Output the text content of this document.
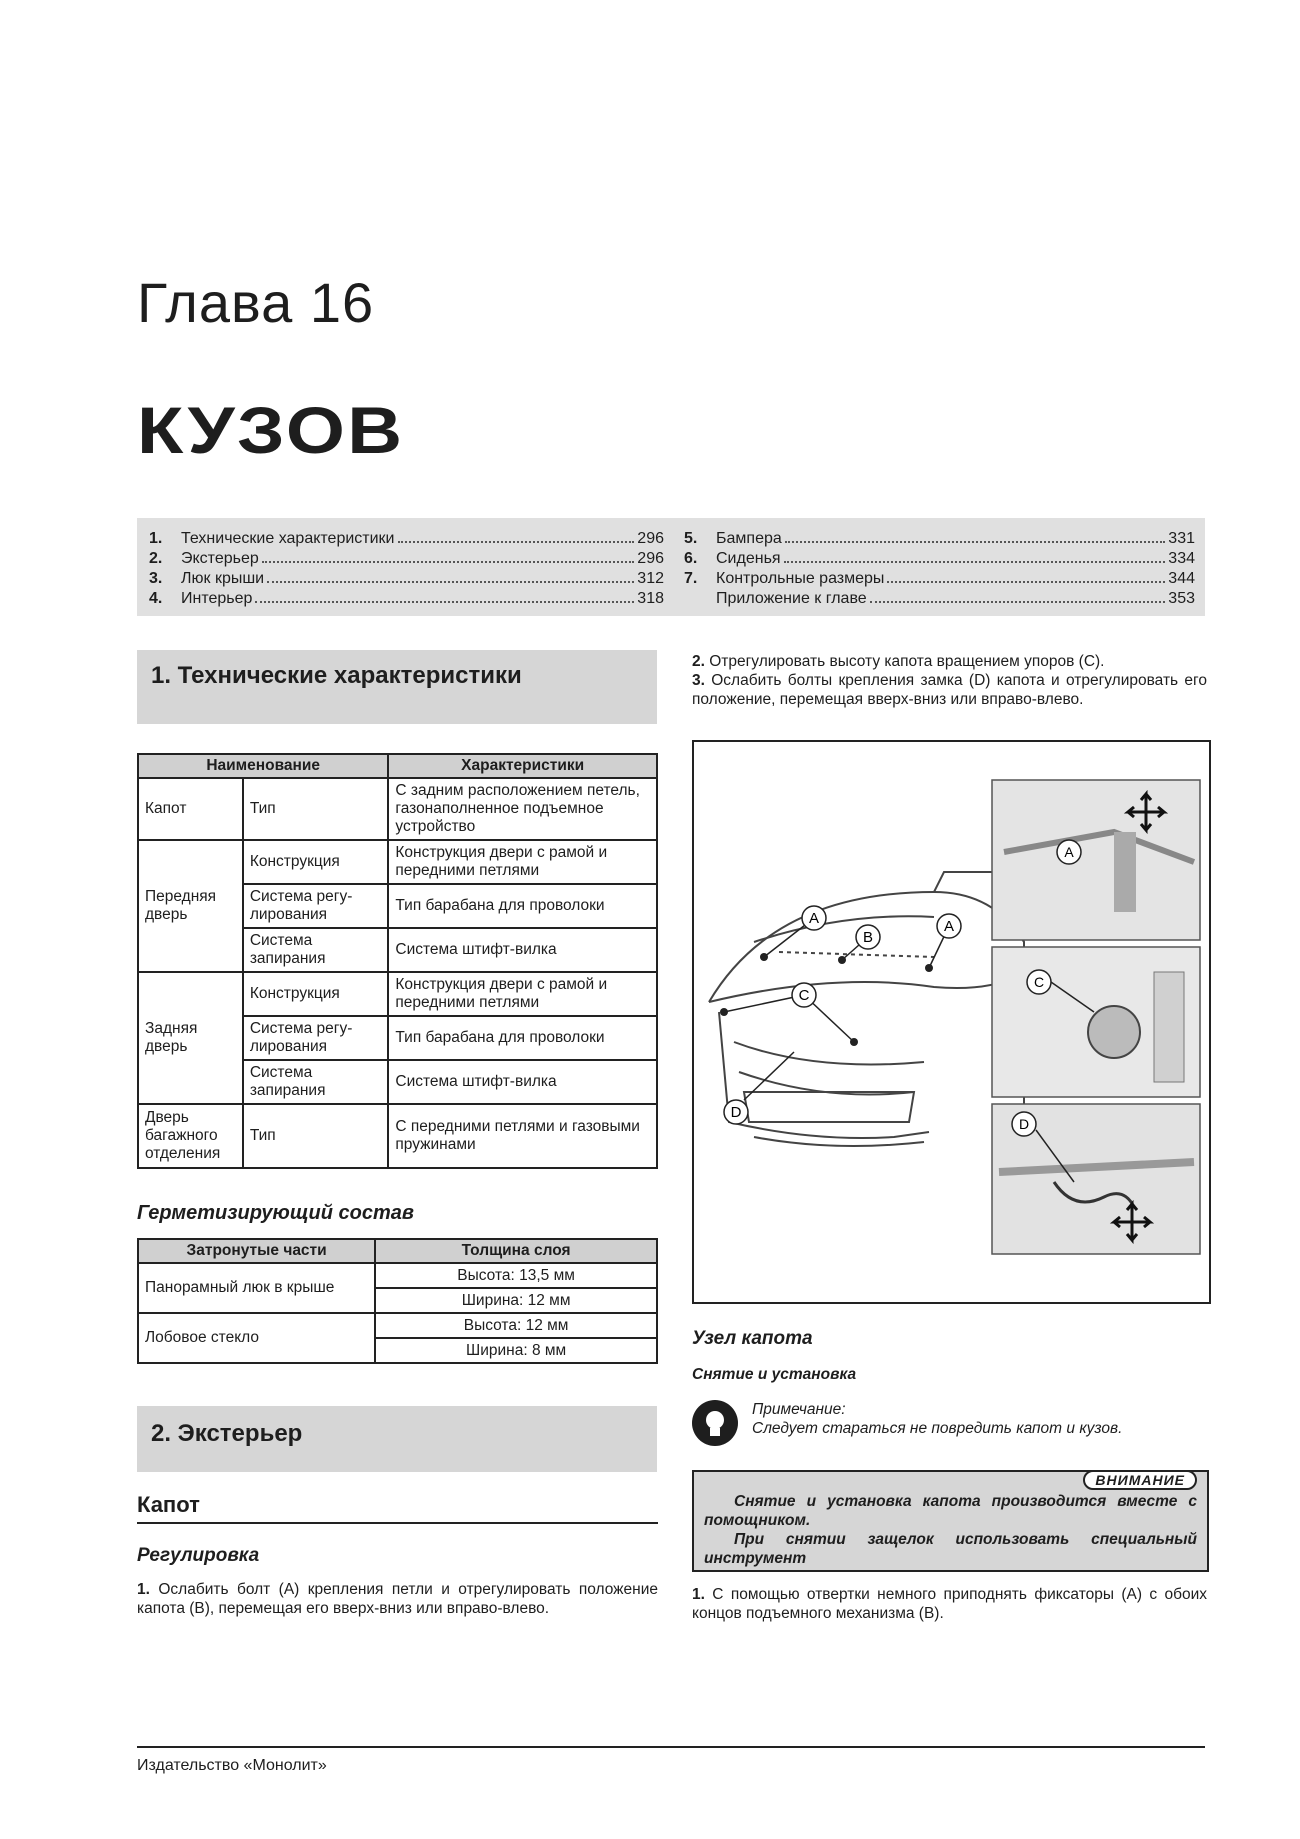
Глава 16
КУЗОВ
1.	Технические характеристики	296
2.	Экстерьер	296
3.	Люк крыши	312
4.	Интерьер	318
5.	Бамперa	331
6.	Сиденья	334
7.	Контрольные размеры	344
Приложение к главе	353
1. Технические характеристики
Наименование		Характеристики
Капот	Тип	С задним расположением петель, газонаполненное подъемное устройство
Передняя дверь	Конструкция	Конструкция двери с рамой и передними петлями
	Система регу-лирования	Тип барабана для проволоки
	Система запирания	Система штифт-вилка
Задняя дверь	Конструкция	Конструкция двери с рамой и передними петлями
	Система регу-лирования	Тип барабана для проволоки
	Система запирания	Система штифт-вилка
Дверь багажного отделения	Тип	С передними петлями и газовыми пружинами
Герметизирующий состав
Затронутые части	Толщина слоя
Панорамный люк в крыше	Высота: 13,5 мм
	Ширина: 12 мм
Лобовое стекло	Высота: 12 мм
	Ширина: 8 мм
2. Экстерьер
Капот
Регулировка
1. Ослабить болт (А) крепления петли и отрегулировать положение капота (В), перемещая его вверх-вниз или вправо-влево.
2. Отрегулировать высоту капота вращением упоров (С).
3. Ослабить болты крепления замка (D) капота и отрегулировать его положение, перемещая вверх-вниз или вправо-влево.
A
B
A
C
D
A
C
D
Узел капота
Снятие и установка
Примечание:
Следует стараться не повредить капот и кузов.
ВНИМАНИЕ
Снятие и установка капота производится вместе с помощником.
При снятии защелок использовать специальный инструмент
1. С помощью отвертки немного приподнять фиксаторы (А) с обоих концов подъемного механизма (В).
Издательство «Монолит»
